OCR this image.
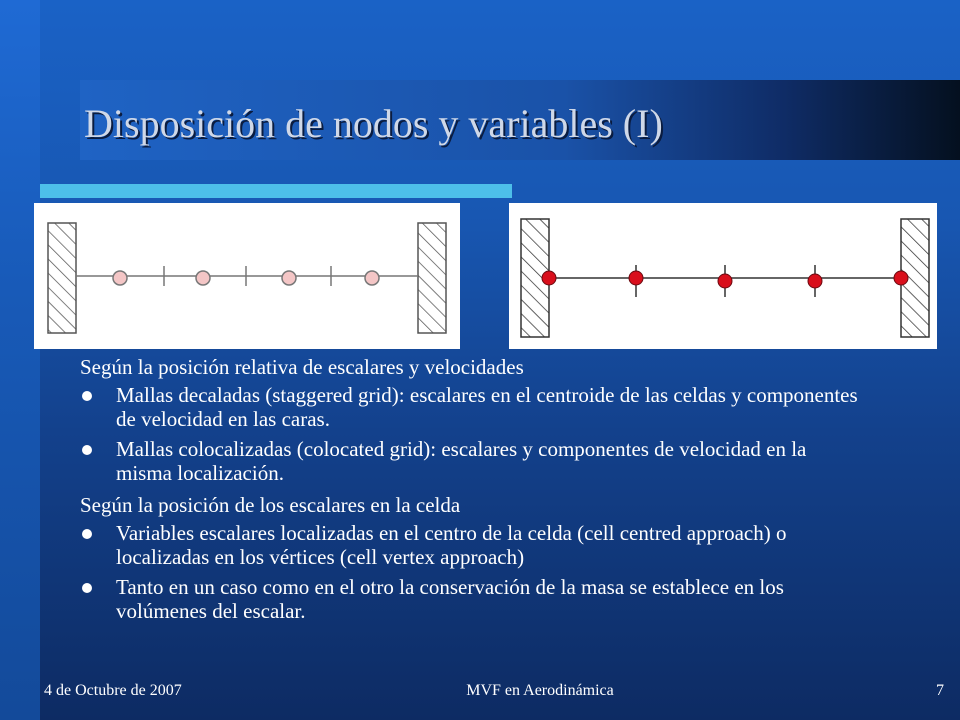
Disposición de nodos y variables (I)

Según la posición relativa de escalares y velocidades

Mallas decaladas (staggered grid): escalares en el centroide de las celdas y componentes de velocidad en las caras.
Mallas colocalizadas (colocated grid): escalares y componentes de velocidad en la misma localización.

Según la posición de los escalares en la celda

Variables escalares localizadas en el centro de la celda (cell centred approach) o localizadas en los vértices (cell vertex approach)
Tanto en un caso como en el otro la conservación de la masa se establece en los volúmenes del escalar.
4 de Octubre de 2007	MVF en Aerodinámica	7
